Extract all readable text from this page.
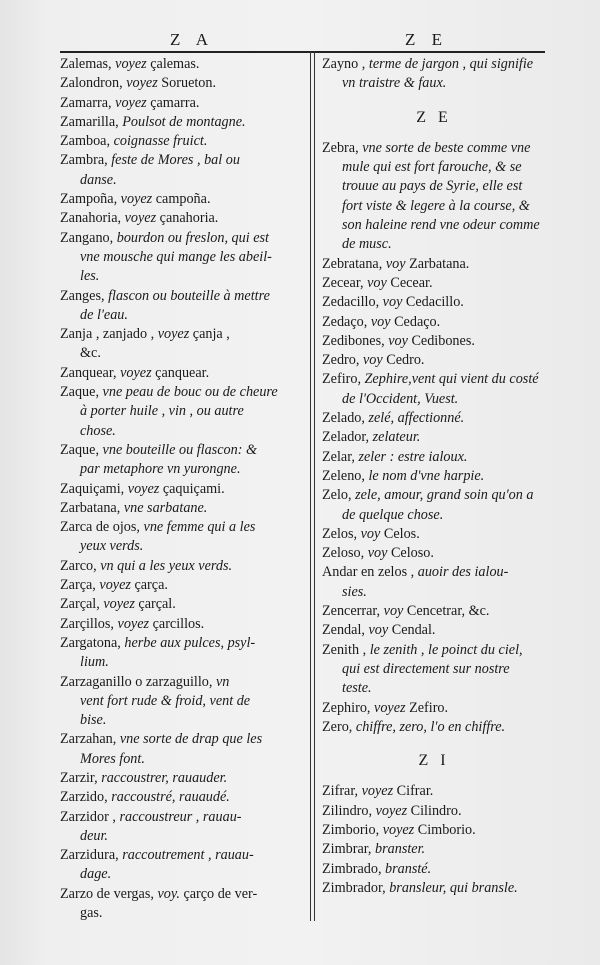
Z A	Z E
Zalemas, voyez çalemas.
Zalondron, voyez Sorueton.
Zamarra, voyez çamarra.
Zamarilla, Poulsot de montagne.
Zamboa, coignasse fruict.
Zambra, feste de Mores , bal ou
danse.
Zampoña, voyez campoña.
Zanahoria, voyez çanahoria.
Zangano, bourdon ou freslon, qui est
vne mousche qui mange les abeil-
les.
Zanges, flascon ou bouteille à mettre
de l'eau.
Zanja , zanjado , voyez çanja ,
&c.
Zanquear, voyez çanquear.
Zaque, vne peau de bouc ou de cheure
à porter huile , vin , ou autre
chose.
Zaque, vne bouteille ou flascon: &
par metaphore vn yurongne.
Zaquiçami, voyez çaquiçami.
Zarbatana, vne sarbatane.
Zarca de ojos, vne femme qui a les
yeux verds.
Zarco, vn qui a les yeux verds.
Zarça, voyez çarça.
Zarçal, voyez çarçal.
Zarçillos, voyez çarcillos.
Zargatona, herbe aux pulces, psyl-
lium.
Zarzaganillo o zarzaguillo, vn
vent fort rude & froid, vent de
bise.
Zarzahan, vne sorte de drap que les
Mores font.
Zarzir, raccoustrer, rauauder.
Zarzido, raccoustré, rauaudé.
Zarzidor , raccoustreur , rauau-
deur.
Zarzidura, raccoutrement , rauau-
dage.
Zarzo de vergas, voy. çarço de ver-
gas.
Zayno , terme de jargon , qui signifie
vn traistre & faux.
Z E
Zebra, vne sorte de beste comme vne
mule qui est fort farouche, & se
trouue au pays de Syrie, elle est
fort viste & legere à la course, &
son haleine rend vne odeur comme
de musc.
Zebratana, voy Zarbatana.
Zecear, voy Cecear.
Zedacillo, voy Cedacillo.
Zedaço, voy Cedaço.
Zedibones, voy Cedibones.
Zedro, voy Cedro.
Zefiro, Zephire,vent qui vient du costé
de l'Occident, Vuest.
Zelado, zelé, affectionné.
Zelador, zelateur.
Zelar, zeler : estre ialoux.
Zeleno, le nom d'vne harpie.
Zelo, zele, amour, grand soin qu'on a
de quelque chose.
Zelos, voy Celos.
Zeloso, voy Celoso.
Andar en zelos , auoir des ialou-
sies.
Zencerrar, voy Cencetrar, &c.
Zendal, voy Cendal.
Zenith , le zenith , le poinct du ciel,
qui est directement sur nostre
teste.
Zephiro, voyez Zefiro.
Zero, chiffre, zero, l'o en chiffre.
Z I
Zifrar, voyez Cifrar.
Zilindro, voyez Cilindro.
Zimborio, voyez Cimborio.
Zimbrar, branster.
Zimbrado, bransté.
Zimbrador, bransleur, qui bransle.
